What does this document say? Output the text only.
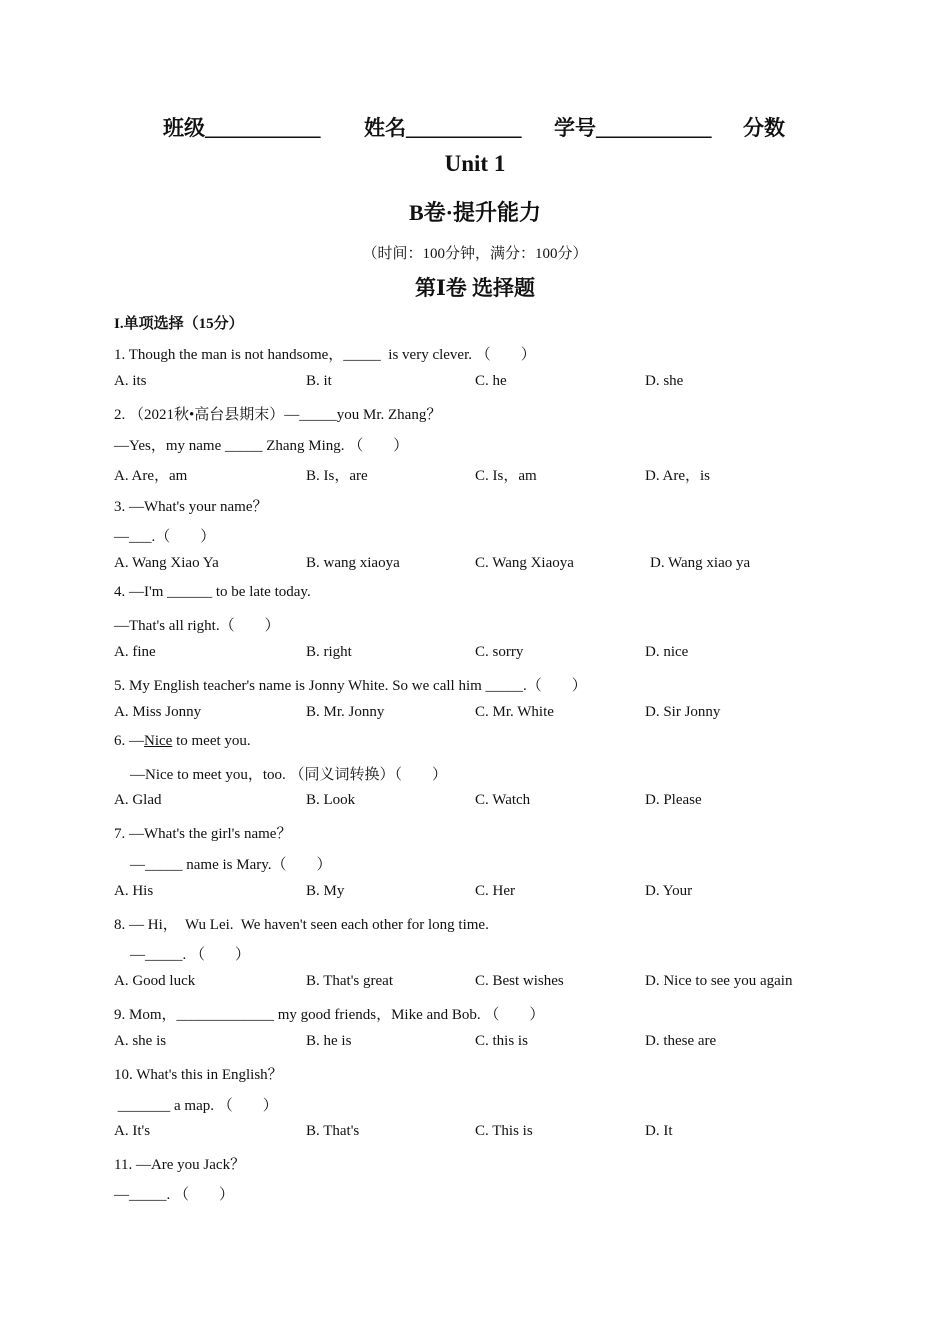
班级___________ 姓名___________ 学号___________ 分数
Unit 1
B卷·提升能力
（时间：100分钟，满分：100分）
第Ⅰ卷 选择题
I.单项选择（15分）
1. Though the man is not handsome，_____  is very clever. （        ）
A. its	B. it	C. he	D. she
2. （2021秋•高台县期末）—_____you Mr. Zhang？
—Yes，my name _____ Zhang Ming. （        ）
A. Are，am	B. Is，are	C. Is，am	D. Are，is
3. —What's your name？
—___.（        ）
A. Wang Xiao Ya	B. wang xiaoya	C. Wang Xiaoya	D. Wang xiao ya
4. —I'm ______ to be late today.
—That's all right.（        ）
A. fine	B. right	C. sorry	D. nice
5. My English teacher's name is Jonny White. So we call him _____.（        ）
A. Miss Jonny	B. Mr. Jonny	C. Mr. White	D. Sir Jonny
6. —Nice to meet you.
—Nice to meet you，too. （同义词转换）（        ）
A. Glad	B. Look	C. Watch	D. Please
7. —What's the girl's name？
—_____ name is Mary.（        ）
A. His	B. My	C. Her	D. Your
8. — Hi，  Wu Lei.  We haven't seen each other for long time.
—_____. （        ）
A. Good luck	B. That's great	C. Best wishes	D. Nice to see you again
9. Mom，_____________ my good friends，Mike and Bob. （        ）
A. she is	B. he is	C. this is	D. these are
10. What's this in English？
_______ a map. （        ）
A. It's	B. That's	C. This is	D. It
11. —Are you Jack？
—_____. （        ）
